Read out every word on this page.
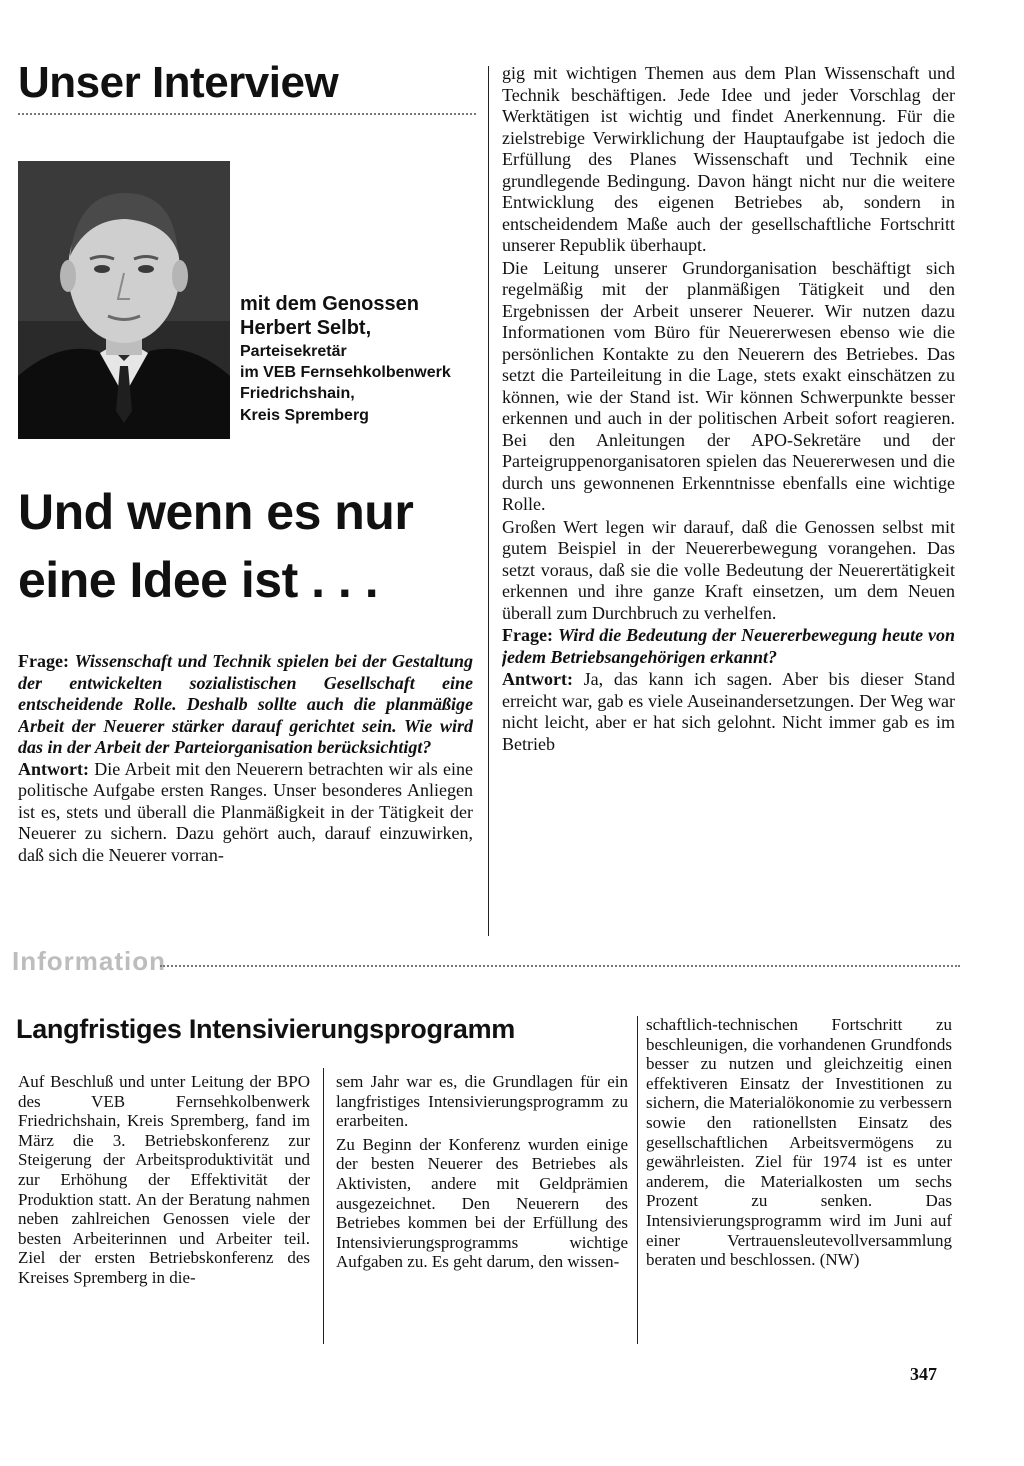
Unser Interview
mit dem Genossen
Herbert Selbt,
Parteisekretär
im VEB Fernsehkolbenwerk
Friedrichshain,
Kreis Spremberg
Und wenn es nur
eine Idee ist . . .

Frage: Wissenschaft und Technik spielen bei der Gestaltung der entwickelten sozialistischen Gesellschaft eine entscheidende Rolle. Deshalb sollte auch die planmäßige Arbeit der Neuerer stärker darauf gerichtet sein. Wie wird das in der Arbeit der Parteiorganisation berücksichtigt?

Antwort: Die Arbeit mit den Neuerern betrachten wir als eine politische Aufgabe ersten Ranges. Unser besonderes Anliegen ist es, stets und überall die Planmäßigkeit in der Tätigkeit der Neuerer zu sichern. Dazu gehört auch, darauf einzuwirken, daß sich die Neuerer vorran-

gig mit wichtigen Themen aus dem Plan Wissenschaft und Technik beschäftigen. Jede Idee und jeder Vorschlag der Werktätigen ist wichtig und findet Anerkennung. Für die zielstrebige Verwirklichung der Hauptaufgabe ist jedoch die Erfüllung des Planes Wissenschaft und Technik eine grundlegende Bedingung. Davon hängt nicht nur die weitere Entwicklung des eigenen Betriebes ab, sondern in entscheidendem Maße auch der gesellschaftliche Fortschritt unserer Republik überhaupt.

Die Leitung unserer Grundorganisation beschäftigt sich regelmäßig mit der planmäßigen Tätigkeit und den Ergebnissen der Arbeit unserer Neuerer. Wir nutzen dazu Informationen vom Büro für Neuererwesen ebenso wie die persönlichen Kontakte zu den Neuerern des Betriebes. Das setzt die Parteileitung in die Lage, stets exakt einschätzen zu können, wie der Stand ist. Wir können Schwerpunkte besser erkennen und auch in der politischen Arbeit sofort reagieren. Bei den Anleitungen der APO-Sekretäre und der Parteigruppenorganisatoren spielen das Neuererwesen und die durch uns gewonnenen Erkenntnisse ebenfalls eine wichtige Rolle.

Großen Wert legen wir darauf, daß die Genossen selbst mit gutem Beispiel in der Neuererbewegung vorangehen. Das setzt voraus, daß sie die volle Bedeutung der Neuerertätigkeit erkennen und ihre ganze Kraft einsetzen, um dem Neuen überall zum Durchbruch zu verhelfen.

Frage: Wird die Bedeutung der Neuererbewegung heute von jedem Betriebsangehörigen erkannt?

Antwort: Ja, das kann ich sagen. Aber bis dieser Stand erreicht war, gab es viele Auseinandersetzungen. Der Weg war nicht leicht, aber er hat sich gelohnt. Nicht immer gab es im Betrieb

Information
Langfristiges Intensivierungsprogramm

Auf Beschluß und unter Leitung der BPO des VEB Fernsehkolbenwerk Friedrichshain, Kreis Spremberg, fand im März die 3. Betriebskonferenz zur Steigerung der Arbeitsproduktivität und zur Erhöhung der Effektivität der Produktion statt. An der Beratung nahmen neben zahlreichen Genossen viele der besten Arbeiterinnen und Arbeiter teil. Ziel der ersten Betriebskonferenz des Kreises Spremberg in die-

sem Jahr war es, die Grundlagen für ein langfristiges Intensivierungsprogramm zu erarbeiten.

Zu Beginn der Konferenz wurden einige der besten Neuerer des Betriebes als Aktivisten, andere mit Geldprämien ausgezeichnet. Den Neuerern des Betriebes kommen bei der Erfüllung des Intensivierungsprogramms wichtige Aufgaben zu. Es geht darum, den wissen-

schaftlich-technischen Fortschritt zu beschleunigen, die vorhandenen Grundfonds besser zu nutzen und gleichzeitig einen effektiveren Einsatz der Investitionen zu sichern, die Materialökonomie zu verbessern sowie den rationellsten Einsatz des gesellschaftlichen Arbeitsvermögens zu gewährleisten. Ziel für 1974 ist es unter anderem, die Materialkosten um sechs Prozent zu senken. Das Intensivierungsprogramm wird im Juni auf einer Vertrauensleutevollversammlung beraten und beschlossen. (NW)

347
